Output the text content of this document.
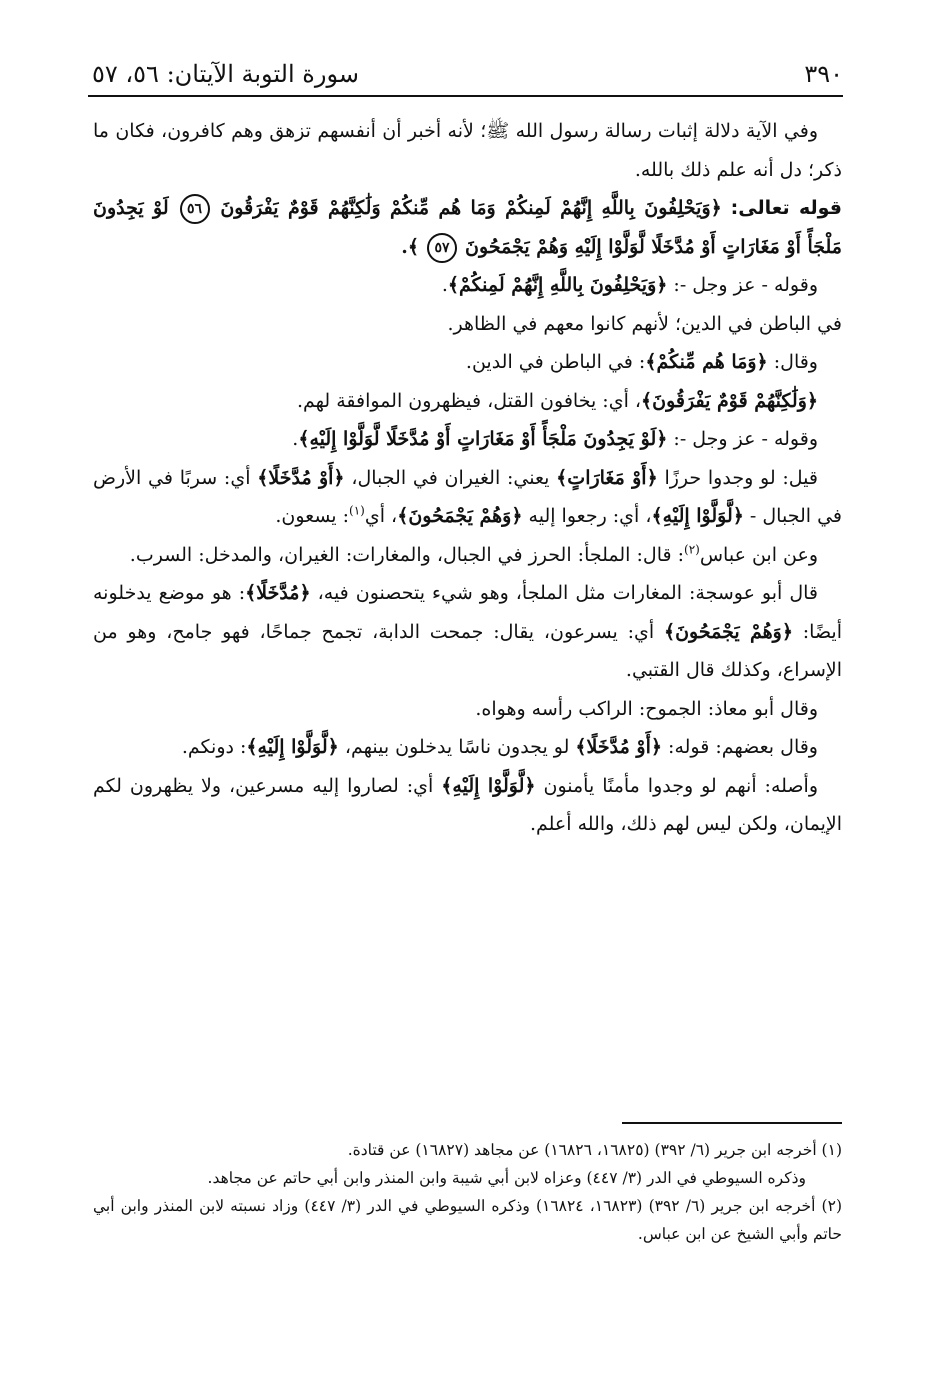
٣٩٠
سورة التوبة الآيتان: ٥٦، ٥٧

وفي الآية دلالة إثبات رسالة رسول الله ﷺ؛ لأنه أخبر أن أنفسهم تزهق وهم كافرون، فكان ما ذكر؛ دل أنه علم ذلك بالله.

قوله تعالى: ﴿وَيَحْلِفُونَ بِاللَّهِ إِنَّهُمْ لَمِنكُمْ وَمَا هُم مِّنكُمْ وَلَٰكِنَّهُمْ قَوْمٌ يَفْرَقُونَ ٥٦ لَوْ يَجِدُونَ مَلْجَأً أَوْ مَغَارَاتٍ أَوْ مُدَّخَلًا لَّوَلَّوْا إِلَيْهِ وَهُمْ يَجْمَحُونَ ٥٧ ﴾.

وقوله - عز وجل -: ﴿وَيَحْلِفُونَ بِاللَّهِ إِنَّهُمْ لَمِنكُمْ﴾.

في الباطن في الدين؛ لأنهم كانوا معهم في الظاهر.

وقال: ﴿وَمَا هُم مِّنكُمْ﴾: في الباطن في الدين.

﴿وَلَٰكِنَّهُمْ قَوْمٌ يَفْرَقُونَ﴾، أي: يخافون القتل، فيظهرون الموافقة لهم.

وقوله - عز وجل -: ﴿لَوْ يَجِدُونَ مَلْجَأً أَوْ مَغَارَاتٍ أَوْ مُدَّخَلًا لَّوَلَّوْا إِلَيْهِ﴾.

قيل: لو وجدوا حرزًا ﴿أَوْ مَغَارَاتٍ﴾ يعني: الغيران في الجبال، ﴿أَوْ مُدَّخَلًا﴾ أي: سربًا في الأرض في الجبال - ﴿لَّوَلَّوْا إِلَيْهِ﴾، أي: رجعوا إليه ﴿وَهُمْ يَجْمَحُونَ﴾، أي$^{(١)}$: يسعون.

وعن ابن عباس$^{(٢)}$: قال: الملجأ: الحرز في الجبال، والمغارات: الغيران، والمدخل: السرب.

قال أبو عوسجة: المغارات مثل الملجأ، وهو شيء يتحصنون فيه، ﴿مُدَّخَلًا﴾: هو موضع يدخلونه أيضًا: ﴿وَهُمْ يَجْمَحُونَ﴾ أي: يسرعون، يقال: جمحت الدابة، تجمح جماحًا، فهو جامح، وهو من الإسراع، وكذلك قال القتبي.

وقال أبو معاذ: الجموح: الراكب رأسه وهواه.

وقال بعضهم: قوله: ﴿أَوْ مُدَّخَلًا﴾ لو يجدون ناسًا يدخلون بينهم، ﴿لَّوَلَّوْا إِلَيْهِ﴾: دونكم.

وأصله: أنهم لو وجدوا مأمنًا يأمنون ﴿لَّوَلَّوْا إِلَيْهِ﴾ أي: لصاروا إليه مسرعين، ولا يظهرون لكم الإيمان، ولكن ليس لهم ذلك، والله أعلم.

(١) أخرجه ابن جرير (٦/ ٣٩٢) (١٦٨٢٥، ١٦٨٢٦) عن مجاهد (١٦٨٢٧) عن قتادة.

وذكره السيوطي في الدر (٣/ ٤٤٧) وعزاه لابن أبي شيبة وابن المنذر وابن أبي حاتم عن مجاهد.

(٢) أخرجه ابن جرير (٦/ ٣٩٢) (١٦٨٢٣، ١٦٨٢٤) وذكره السيوطي في الدر (٣/ ٤٤٧) وزاد نسبته لابن المنذر وابن أبي حاتم وأبي الشيخ عن ابن عباس.
